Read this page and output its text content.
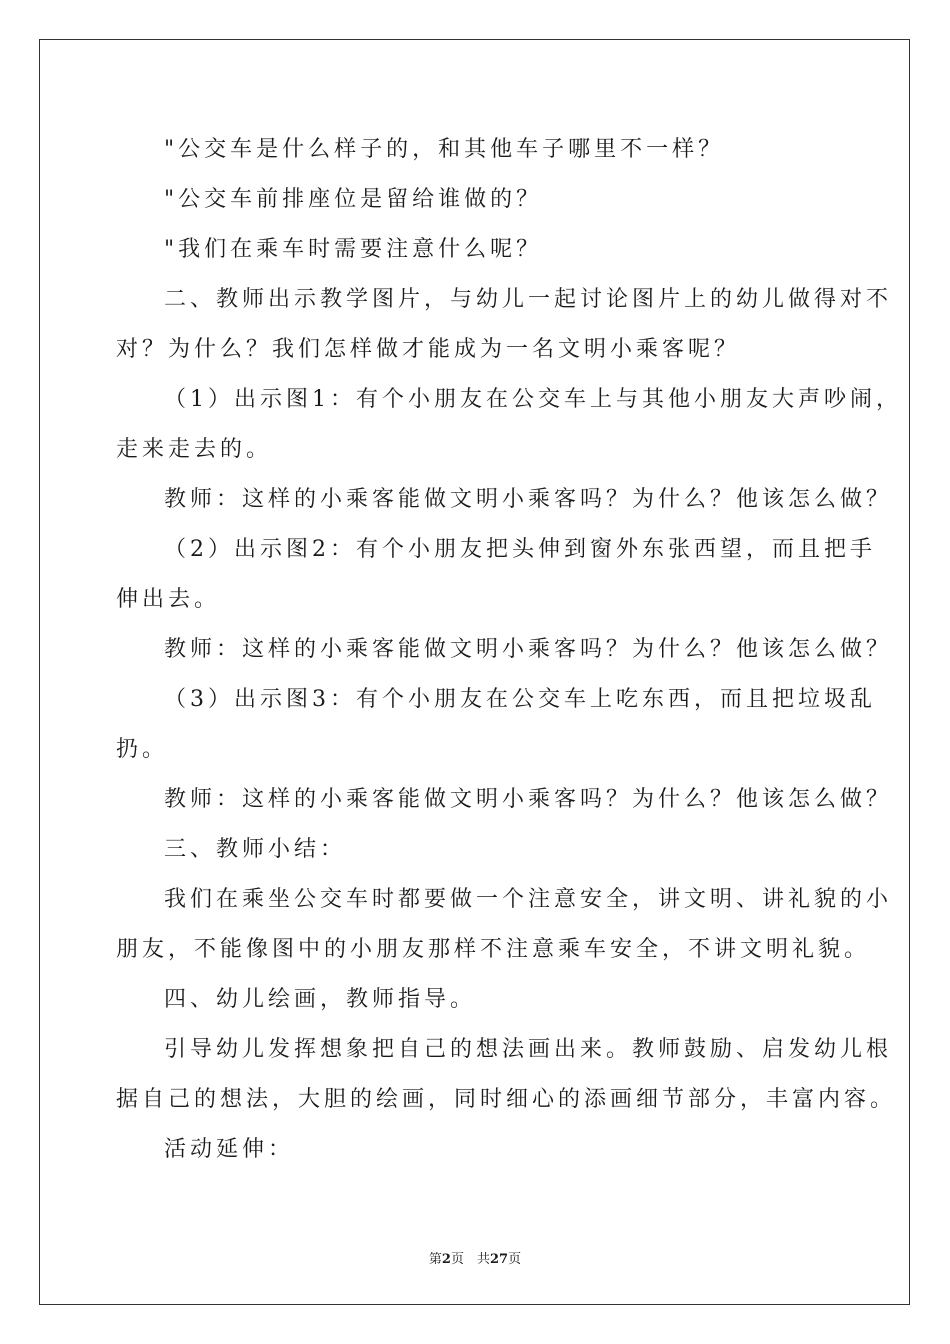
"公交车是什么样子的，和其他车子哪里不一样？
"公交车前排座位是留给谁做的？
"我们在乘车时需要注意什么呢？
二、教师出示教学图片，与幼儿一起讨论图片上的幼儿做得对不
对？为什么？我们怎样做才能成为一名文明小乘客呢？
（1）出示图1：有个小朋友在公交车上与其他小朋友大声吵闹，
走来走去的。
教师：这样的小乘客能做文明小乘客吗？为什么？他该怎么做？
（2）出示图2：有个小朋友把头伸到窗外东张西望，而且把手
伸出去。
教师：这样的小乘客能做文明小乘客吗？为什么？他该怎么做？
（3）出示图3：有个小朋友在公交车上吃东西，而且把垃圾乱
扔。
教师：这样的小乘客能做文明小乘客吗？为什么？他该怎么做？
三、教师小结：
我们在乘坐公交车时都要做一个注意安全，讲文明、讲礼貌的小
朋友，不能像图中的小朋友那样不注意乘车安全，不讲文明礼貌。
四、幼儿绘画，教师指导。
引导幼儿发挥想象把自己的想法画出来。教师鼓励、启发幼儿根
据自己的想法，大胆的绘画，同时细心的添画细节部分，丰富内容。
活动延伸：
第2页　共27页
